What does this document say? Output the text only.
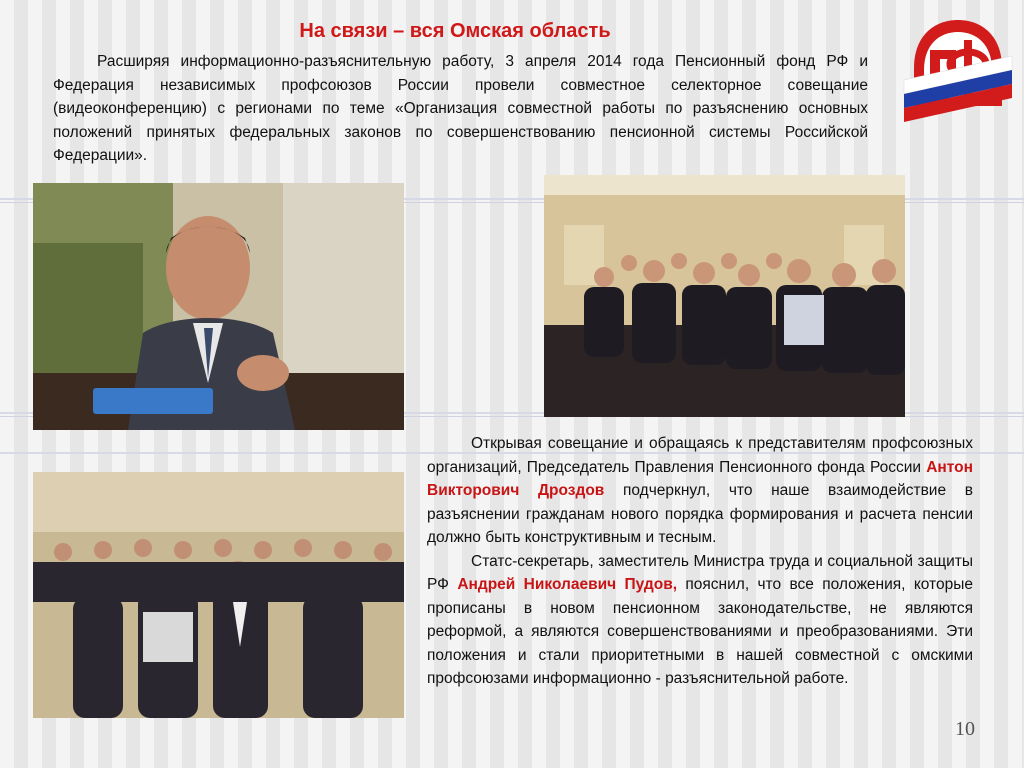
На связи – вся Омская область

Расширяя информационно-разъяснительную работу, 3 апреля 2014 года Пенсионный фонд РФ и Федерация независимых профсоюзов России провели совместное селекторное совещание (видеоконференцию) с регионами по теме «Организация совместной работы по разъяснению основных положений принятых федеральных законов по совершенствованию пенсионной системы Российской Федерации».

Открывая совещание и обращаясь к представителям профсоюзных организаций, Председатель Правления Пенсионного фонда России Антон Викторович Дроздов подчеркнул, что наше взаимодействие в разъяснении гражданам нового порядка формирования и расчета пенсии должно быть конструктивным и тесным.

Статс-секретарь, заместитель Министра труда и социальной защиты РФ Андрей Николаевич Пудов, пояснил, что все положения, которые прописаны в новом пенсионном законодательстве, не являются реформой, а являются совершенствованиями и преобразованиями. Эти положения и стали приоритетными в нашей совместной с омскими профсоюзами информационно - разъяснительной работе.

10
